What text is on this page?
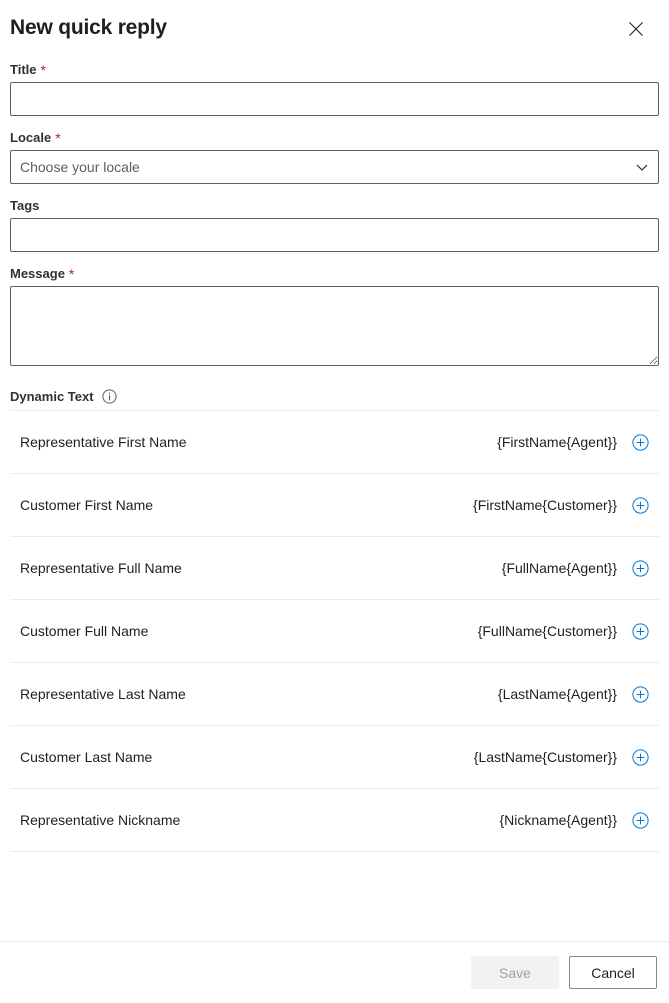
New quick reply
Title *
Locale *
Choose your locale
Tags
Message *
Dynamic Text
Representative First Name	{FirstName{Agent}}
Customer First Name	{FirstName{Customer}}
Representative Full Name	{FullName{Agent}}
Customer Full Name	{FullName{Customer}}
Representative Last Name	{LastName{Agent}}
Customer Last Name	{LastName{Customer}}
Representative Nickname	{Nickname{Agent}}
Save	Cancel
